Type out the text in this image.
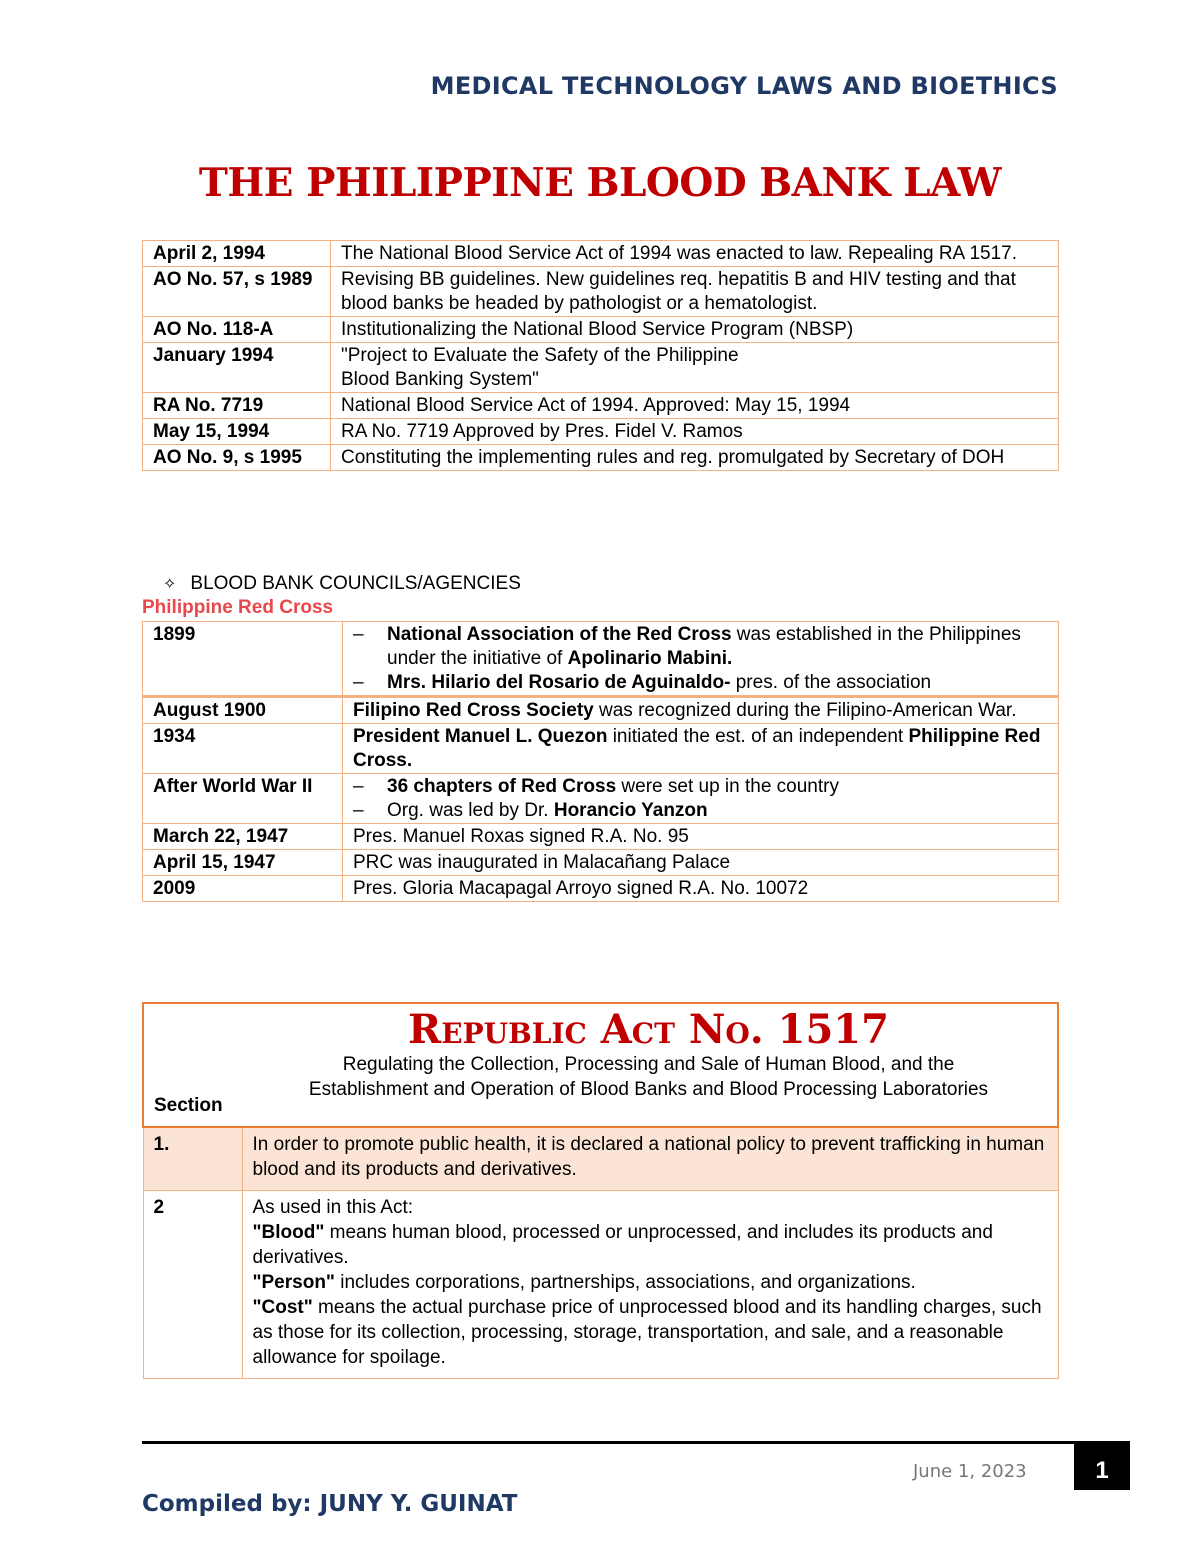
MEDICAL TECHNOLOGY LAWS AND BIOETHICS
THE PHILIPPINE BLOOD BANK LAW
April 2, 1994	The National Blood Service Act of 1994 was enacted to law. Repealing RA 1517.
AO No. 57, s 1989	Revising BB guidelines. New guidelines req. hepatitis B and HIV testing and that blood banks be headed by pathologist or a hematologist.
AO No. 118-A	Institutionalizing the National Blood Service Program (NBSP)
January 1994	"Project to Evaluate the Safety of the Philippine
Blood Banking System"

RA No. 7719	National Blood Service Act of 1994. Approved: May 15, 1994
May 15, 1994	RA No. 7719 Approved by Pres. Fidel V. Ramos
AO No. 9, s 1995	Constituting the implementing rules and reg. promulgated by Secretary of DOH
✧ BLOOD BANK COUNCILS/AGENCIES
Philippine Red Cross
1899	– National Association of the Red Cross was established in the Philippines under the initiative of Apolinario Mabini.
– Mrs. Hilario del Rosario de Aguinaldo- pres. of the association

August 1900	Filipino Red Cross Society was recognized during the Filipino-American War.
1934	President Manuel L. Quezon initiated the est. of an independent Philippine Red Cross.
After World War II	– 36 chapters of Red Cross were set up in the country
– Org. was led by Dr. Horancio Yanzon

March 22, 1947	Pres. Manuel Roxas signed R.A. No. 95
April 15, 1947	PRC was inaugurated in Malacañang Palace
2009	Pres. Gloria Macapagal Arroyo signed R.A. No. 10072
Section	Republic Act No. 1517
Regulating the Collection, Processing and Sale of Human Blood, and the
Establishment and Operation of Blood Banks and Blood Processing Laboratories

1.	In order to promote public health, it is declared a national policy to prevent trafficking in human blood and its products and derivatives.
2	As used in this Act:
"Blood" means human blood, processed or unprocessed, and includes its products and derivatives.
"Person" includes corporations, partnerships, associations, and organizations.
"Cost" means the actual purchase price of unprocessed blood and its handling charges, such as those for its collection, processing, storage, transportation, and sale, and a reasonable allowance for spoilage.
1
June 1, 2023
Compiled by: JUNY Y. GUINAT
